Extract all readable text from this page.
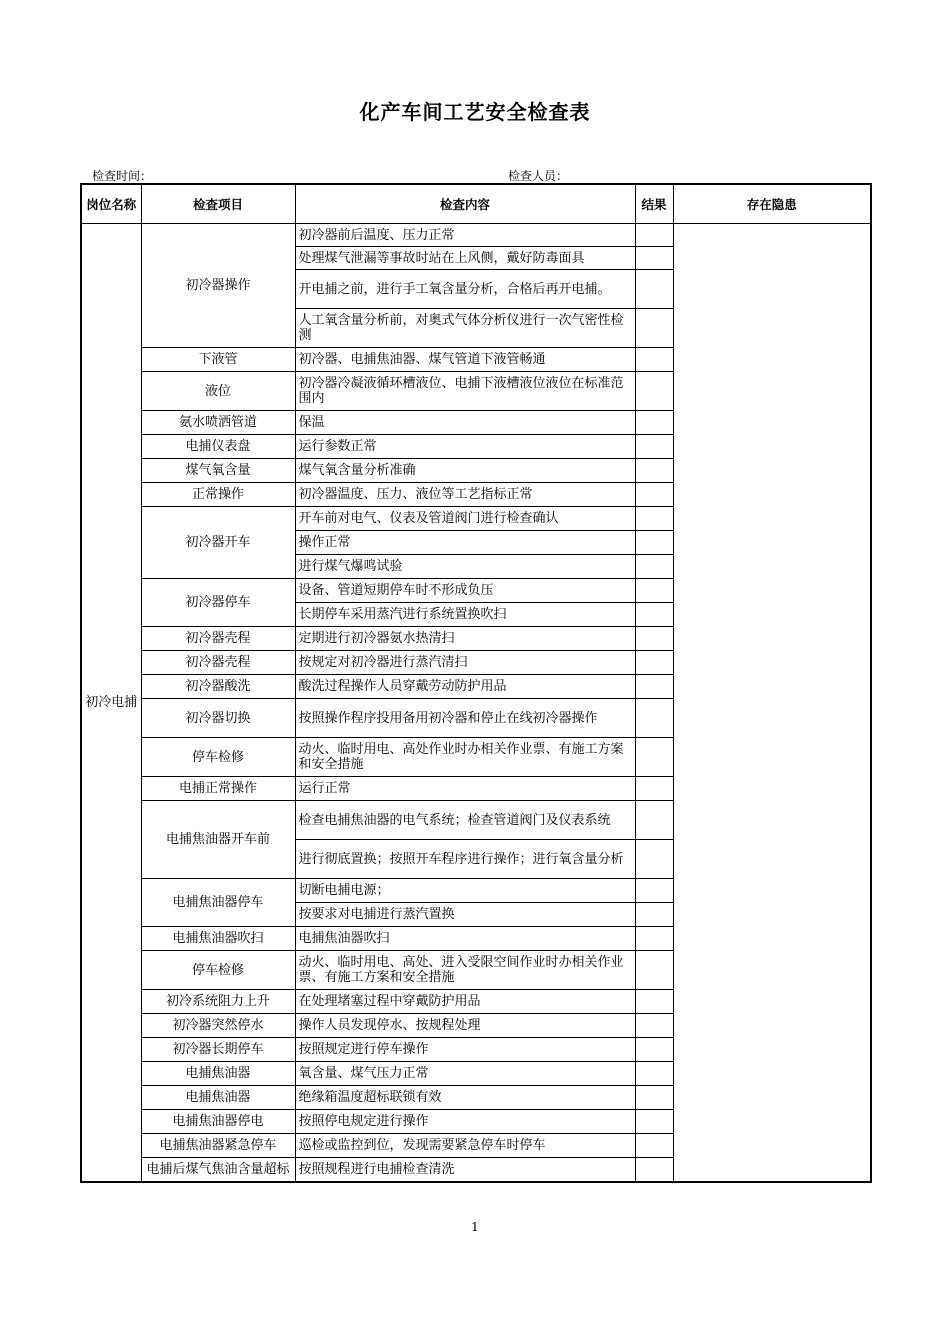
化产车间工艺安全检查表
检查时间：	检查人员：
岗位名称	检查项目	检查内容	结果	存在隐患
初冷电捕	初冷器操作	初冷器前后温度、压力正常		
		处理煤气泄漏等事故时站在上风侧，戴好防毒面具		
		开电捕之前，进行手工氧含量分析，合格后再开电捕。		
		人工氧含量分析前，对奥式气体分析仪进行一次气密性检测		
	下液管	初冷器、电捕焦油器、煤气管道下液管畅通		
	液位	初冷器冷凝液循环槽液位、电捕下液槽液位液位在标准范围内		
	氨水喷洒管道	保温		
	电捕仪表盘	运行参数正常		
	煤气氧含量	煤气氧含量分析准确		
	正常操作	初冷器温度、压力、液位等工艺指标正常		
	初冷器开车	开车前对电气、仪表及管道阀门进行检查确认		
		操作正常		
		进行煤气爆鸣试验		
	初冷器停车	设备、管道短期停车时不形成负压		
		长期停车采用蒸汽进行系统置换吹扫		
	初冷器壳程	定期进行初冷器氨水热清扫		
	初冷器壳程	按规定对初冷器进行蒸汽清扫		
	初冷器酸洗	酸洗过程操作人员穿戴劳动防护用品		
	初冷器切换	按照操作程序投用备用初冷器和停止在线初冷器操作		
	停车检修	动火、临时用电、高处作业时办相关作业票、有施工方案和安全措施		
	电捕正常操作	运行正常		
	电捕焦油器开车前	检查电捕焦油器的电气系统；检查管道阀门及仪表系统		
		进行彻底置换；按照开车程序进行操作；进行氧含量分析		
	电捕焦油器停车	切断电捕电源；		
		按要求对电捕进行蒸汽置换		
	电捕焦油器吹扫	电捕焦油器吹扫		
	停车检修	动火、临时用电、高处、进入受限空间作业时办相关作业票、有施工方案和安全措施		
	初冷系统阻力上升	在处理堵塞过程中穿戴防护用品		
	初冷器突然停水	操作人员发现停水、按规程处理		
	初冷器长期停车	按照规定进行停车操作		
	电捕焦油器	氧含量、煤气压力正常		
	电捕焦油器	绝缘箱温度超标联锁有效		
	电捕焦油器停电	按照停电规定进行操作		
	电捕焦油器紧急停车	巡检或监控到位，发现需要紧急停车时停车		
	电捕后煤气焦油含量超标	按照规程进行电捕检查清洗		
1
